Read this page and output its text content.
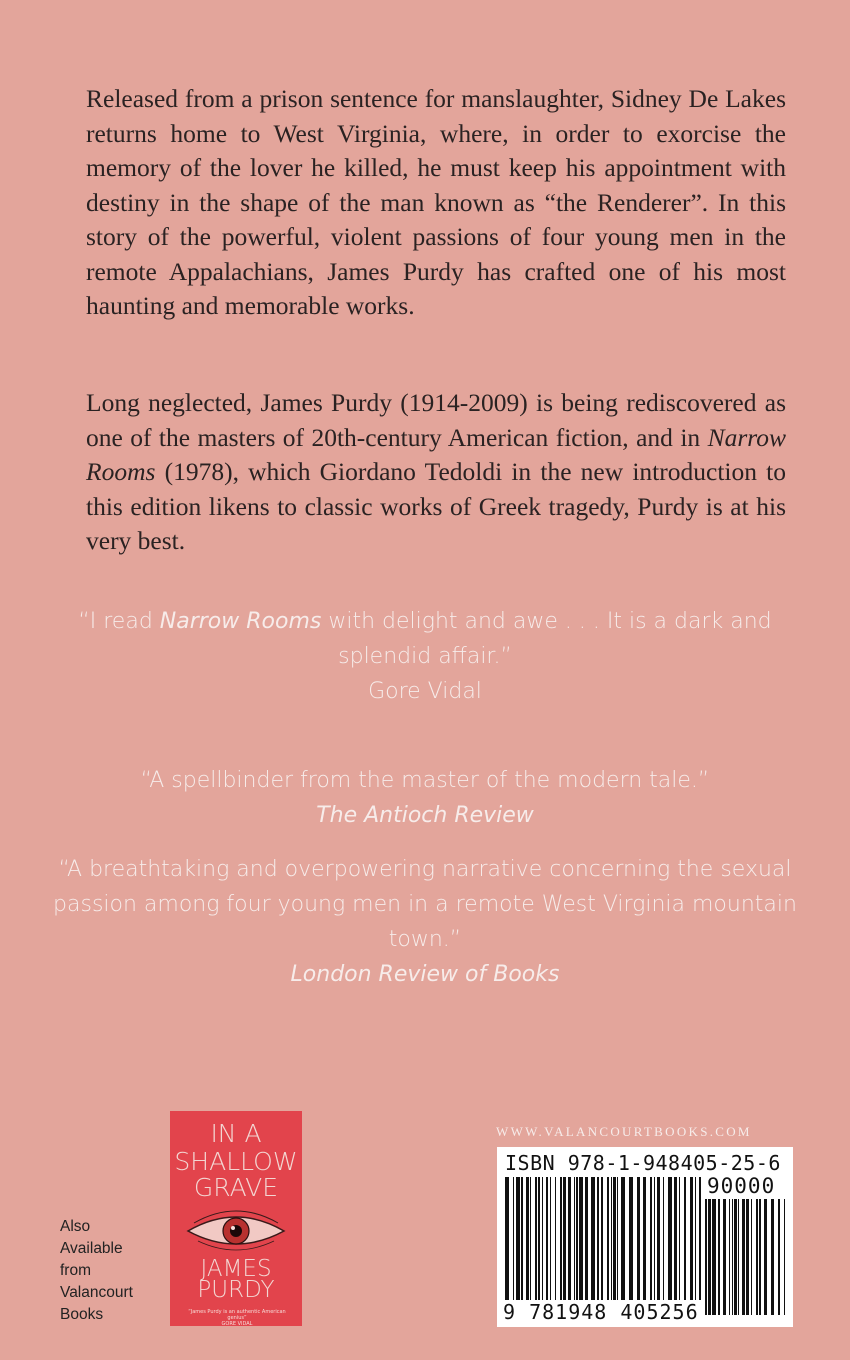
Released from a prison sentence for manslaughter, Sidney De Lakes returns home to West Virginia, where, in order to exorcise the memory of the lover he killed, he must keep his appointment with destiny in the shape of the man known as “the Renderer”. In this story of the powerful, violent passions of four young men in the remote Appalachians, James Purdy has crafted one of his most haunting and memorable works.

Long neglected, James Purdy (1914-2009) is being rediscovered as one of the masters of 20th-century American fiction, and in Narrow Rooms (1978), which Giordano Tedoldi in the new introduction to this edition likens to classic works of Greek tragedy, Purdy is at his very best.

“I read Narrow Rooms with delight and awe . . . It is a dark and splendid affair.”
Gore Vidal
“A spellbinder from the master of the modern tale.”
The Antioch Review
“A breathtaking and overpowering narrative concerning the sexual passion among four young men in a remote West Virginia mountain town.”
London Review of Books
Also Available from Valancourt Books
IN A
SHALLOW
GRAVE
JAMES
PURDY
“James Purdy is an authentic American genius”
GORE VIDAL
WWW.VALANCOURTBOOKS.COM
ISBN 978-1-948405-25-6
90000
9 781948 405256
